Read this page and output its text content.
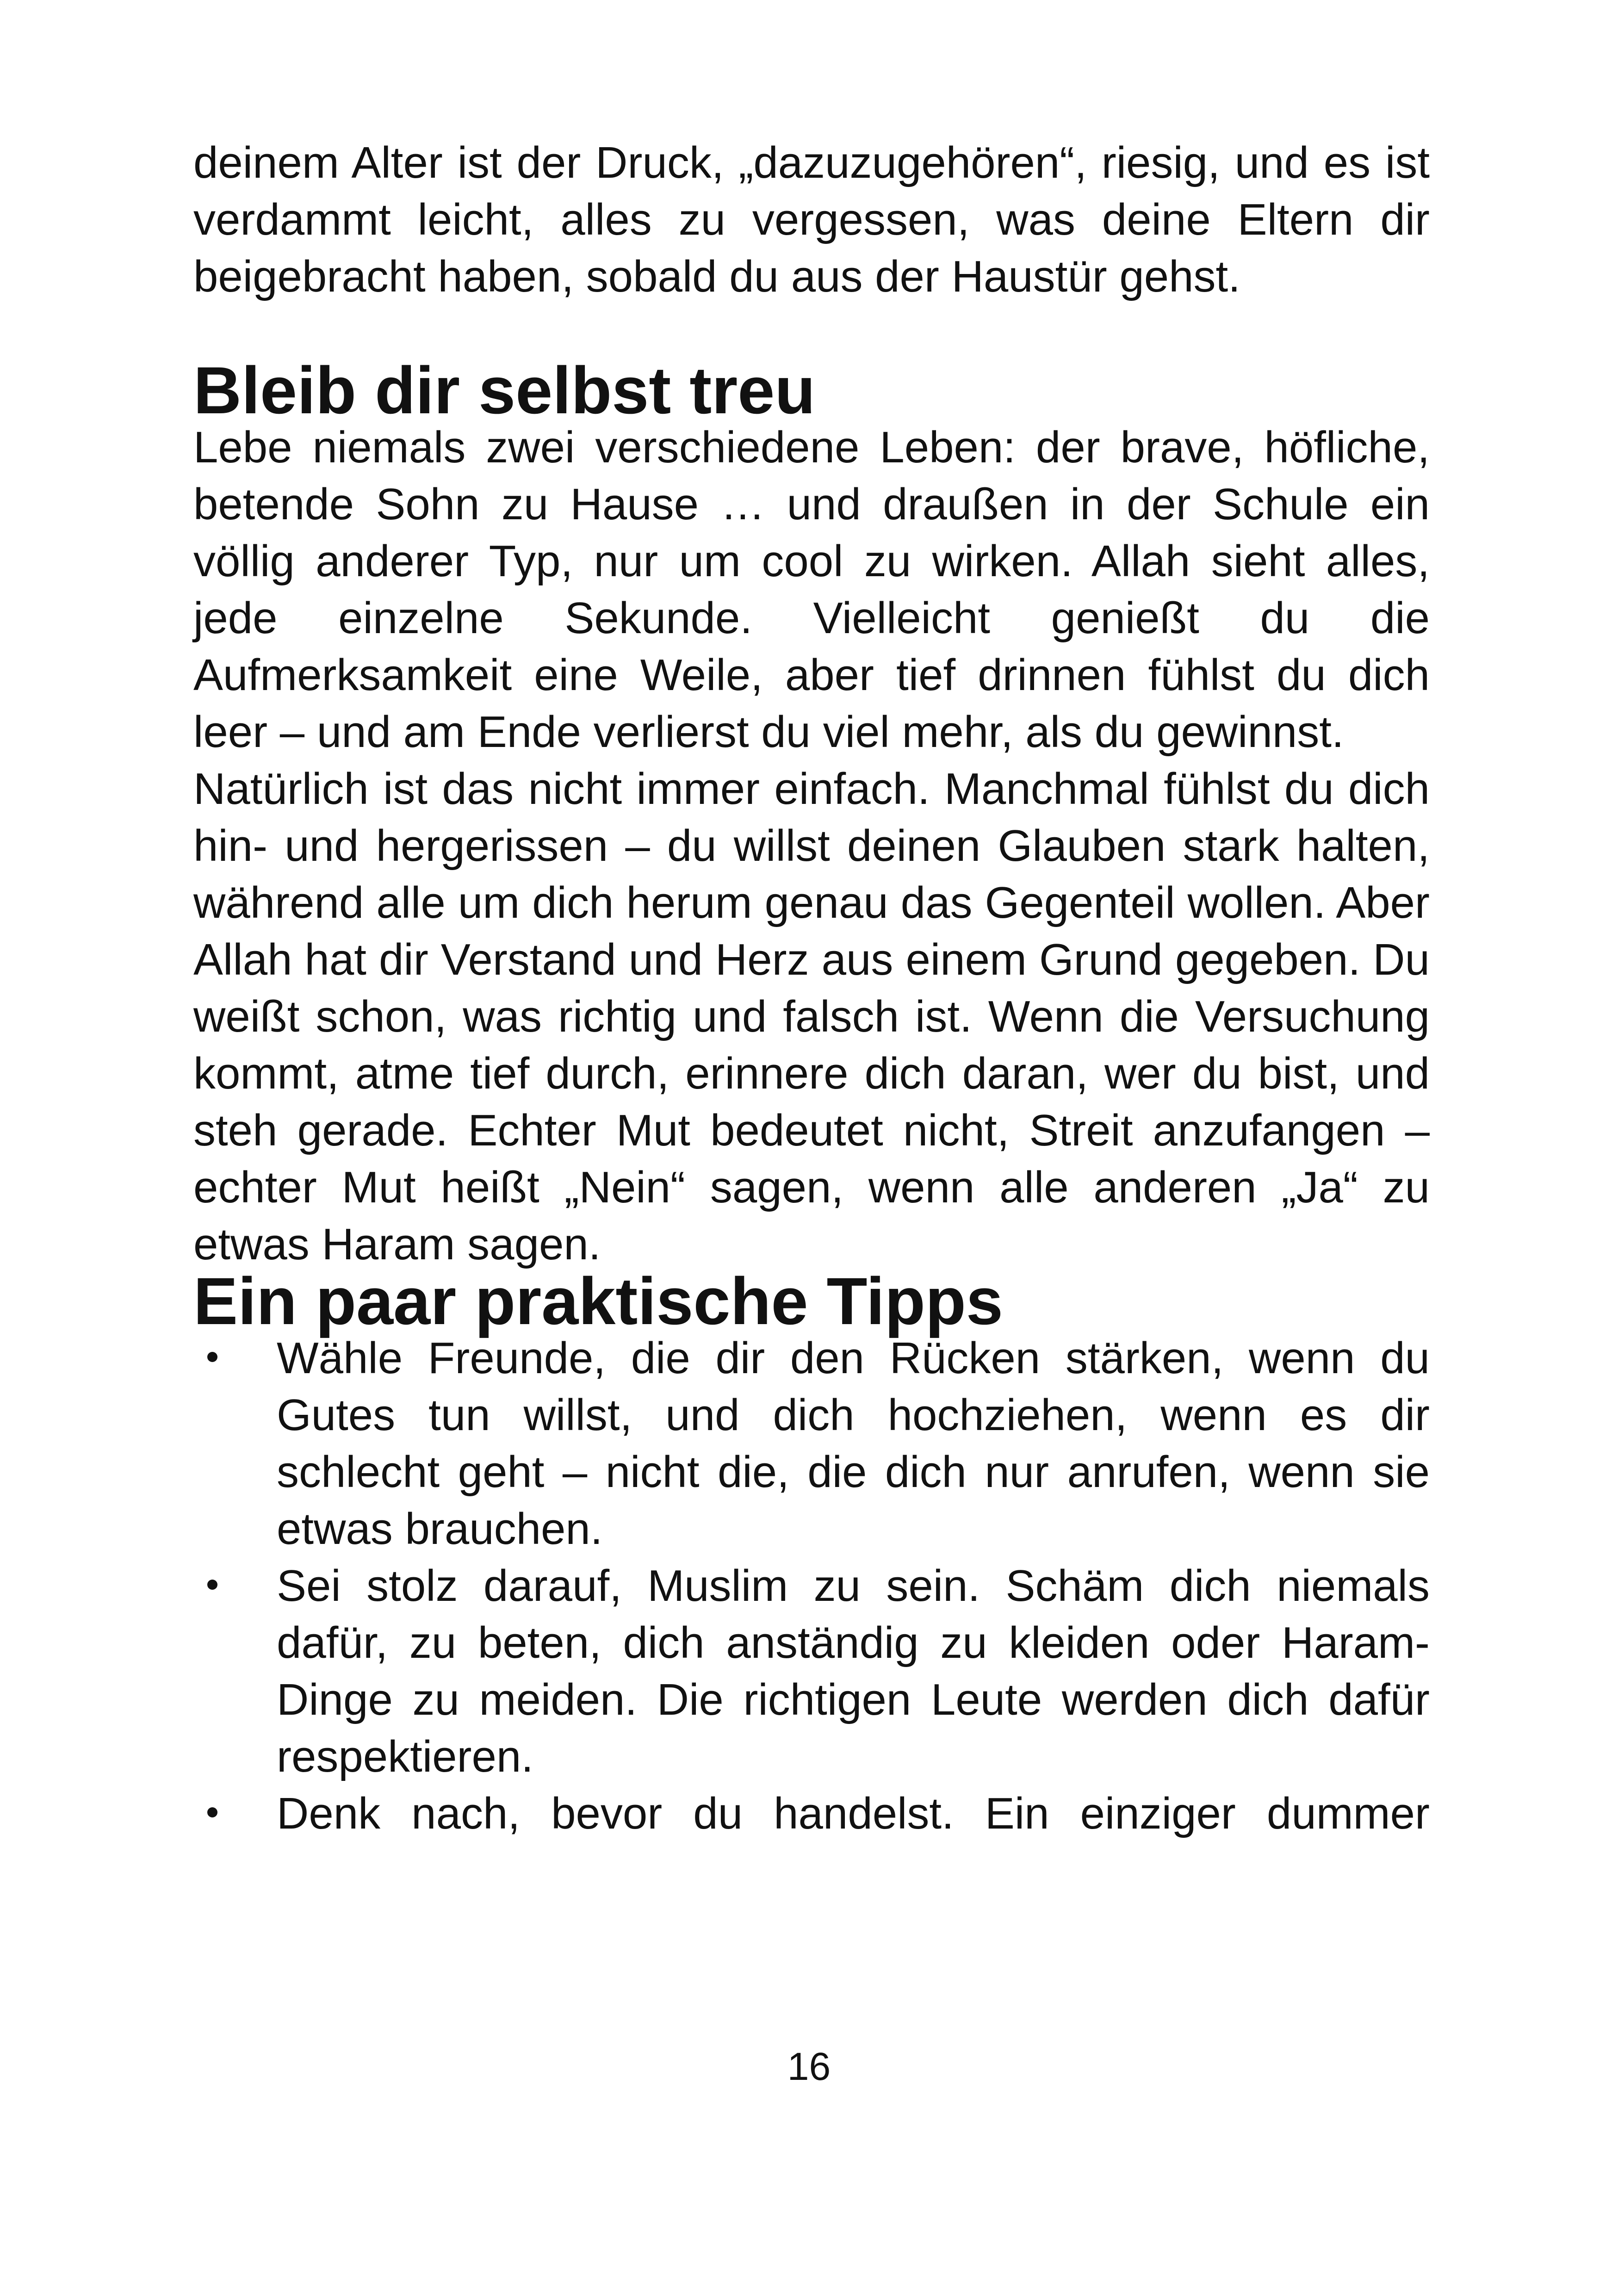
deinem Alter ist der Druck, „dazuzugehören“, riesig, und es ist verdammt leicht, alles zu vergessen, was deine Eltern dir beigebracht haben, sobald du aus der Haustür gehst.

Bleib dir selbst treu

Lebe niemals zwei verschiedene Leben: der brave, höfliche, betende Sohn zu Hause … und draußen in der Schule ein völlig anderer Typ, nur um cool zu wirken. Allah sieht alles, jede einzelne Sekunde. Vielleicht genießt du die Aufmerksamkeit eine Weile, aber tief drinnen fühlst du dich leer – und am Ende verlierst du viel mehr, als du gewinnst.

Natürlich ist das nicht immer einfach. Manchmal fühlst du dich hin- und hergerissen – du willst deinen Glauben stark halten, während alle um dich herum genau das Gegenteil wollen. Aber Allah hat dir Verstand und Herz aus einem Grund gegeben. Du weißt schon, was richtig und falsch ist. Wenn die Versuchung kommt, atme tief durch, erinnere dich daran, wer du bist, und steh gerade. Echter Mut bedeutet nicht, Streit anzufangen – echter Mut heißt „Nein“ sagen, wenn alle anderen „Ja“ zu etwas Haram sagen.

Ein paar praktische Tipps
Wähle Freunde, die dir den Rücken stärken, wenn du Gutes tun willst, und dich hochziehen, wenn es dir schlecht geht – nicht die, die dich nur anrufen, wenn sie etwas brauchen.
Sei stolz darauf, Muslim zu sein. Schäm dich niemals dafür, zu beten, dich anständig zu kleiden oder Haram-Dinge zu meiden. Die richtigen Leute werden dich dafür respektieren.
Denk nach, bevor du handelst. Ein einziger dummer
16
